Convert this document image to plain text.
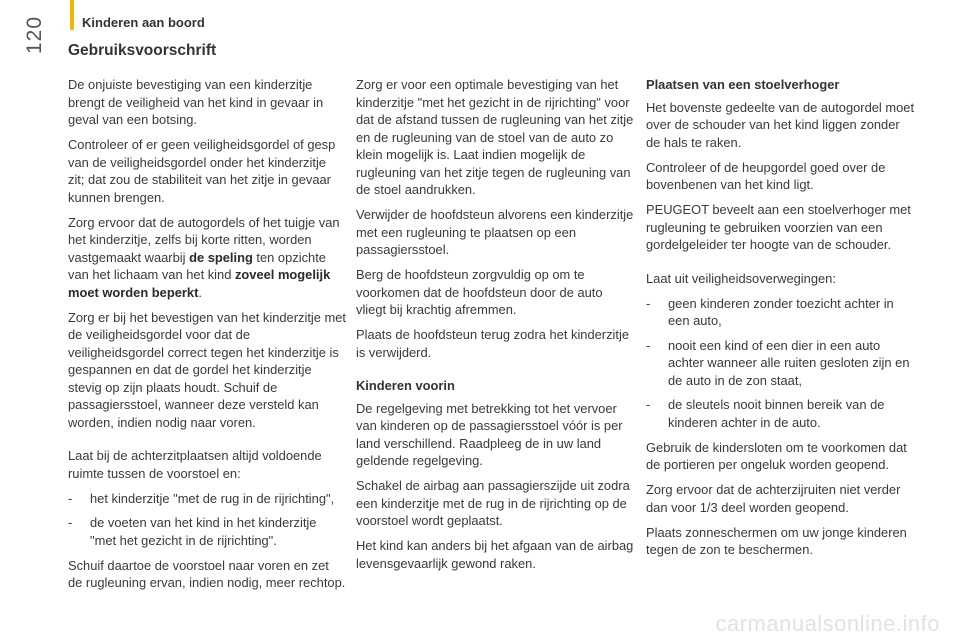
120	Kinderen aan boord
Gebruiksvoorschrift

De onjuiste bevestiging van een kinderzitje brengt de veiligheid van het kind in gevaar in geval van een botsing.

Controleer of er geen veiligheidsgordel of gesp van de veiligheidsgordel onder het kinderzitje zit; dat zou de stabiliteit van het zitje in gevaar kunnen brengen.

Zorg ervoor dat de autogordels of het tuigje van het kinderzitje, zelfs bij korte ritten, worden vastgemaakt waarbij de speling ten opzichte van het lichaam van het kind zoveel mogelijk moet worden beperkt.

Zorg er bij het bevestigen van het kinderzitje met de veiligheidsgordel voor dat de veiligheidsgordel correct tegen het kinderzitje is gespannen en dat de gordel het kinderzitje stevig op zijn plaats houdt. Schuif de passagiersstoel, wanneer deze versteld kan worden, indien nodig naar voren.

Laat bij de achterzitplaatsen altijd voldoende ruimte tussen de voorstoel en:

- het kinderzitje "met de rug in de rijrichting",
- de voeten van het kind in het kinderzitje "met het gezicht in de rijrichting".

Schuif daartoe de voorstoel naar voren en zet de rugleuning ervan, indien nodig, meer rechtop.

Zorg er voor een optimale bevestiging van het kinderzitje "met het gezicht in de rijrichting" voor dat de afstand tussen de rugleuning van het zitje en de rugleuning van de stoel van de auto zo klein mogelijk is. Laat indien mogelijk de rugleuning van het zitje tegen de rugleuning van de stoel aandrukken.

Verwijder de hoofdsteun alvorens een kinderzitje met een rugleuning te plaatsen op een passagiersstoel.

Berg de hoofdsteun zorgvuldig op om te voorkomen dat de hoofdsteun door de auto vliegt bij krachtig afremmen.

Plaats de hoofdsteun terug zodra het kinderzitje is verwijderd.

Kinderen voorin

De regelgeving met betrekking tot het vervoer van kinderen op de passagiersstoel vóór is per land verschillend. Raadpleeg de in uw land geldende regelgeving.

Schakel de airbag aan passagierszijde uit zodra een kinderzitje met de rug in de rijrichting op de voorstoel wordt geplaatst.

Het kind kan anders bij het afgaan van de airbag levensgevaarlijk gewond raken.

Plaatsen van een stoelverhoger

Het bovenste gedeelte van de autogordel moet over de schouder van het kind liggen zonder de hals te raken.

Controleer of de heupgordel goed over de bovenbenen van het kind ligt.

PEUGEOT beveelt aan een stoelverhoger met rugleuning te gebruiken voorzien van een gordelgeleider ter hoogte van de schouder.

Laat uit veiligheidsoverwegingen:

- geen kinderen zonder toezicht achter in een auto,
- nooit een kind of een dier in een auto achter wanneer alle ruiten gesloten zijn en de auto in de zon staat,
- de sleutels nooit binnen bereik van de kinderen achter in de auto.

Gebruik de kindersloten om te voorkomen dat de portieren per ongeluk worden geopend.

Zorg ervoor dat de achterzijruiten niet verder dan voor 1/3 deel worden geopend.

Plaats zonneschermen om uw jonge kinderen tegen de zon te beschermen.

carmanualsonline.info
